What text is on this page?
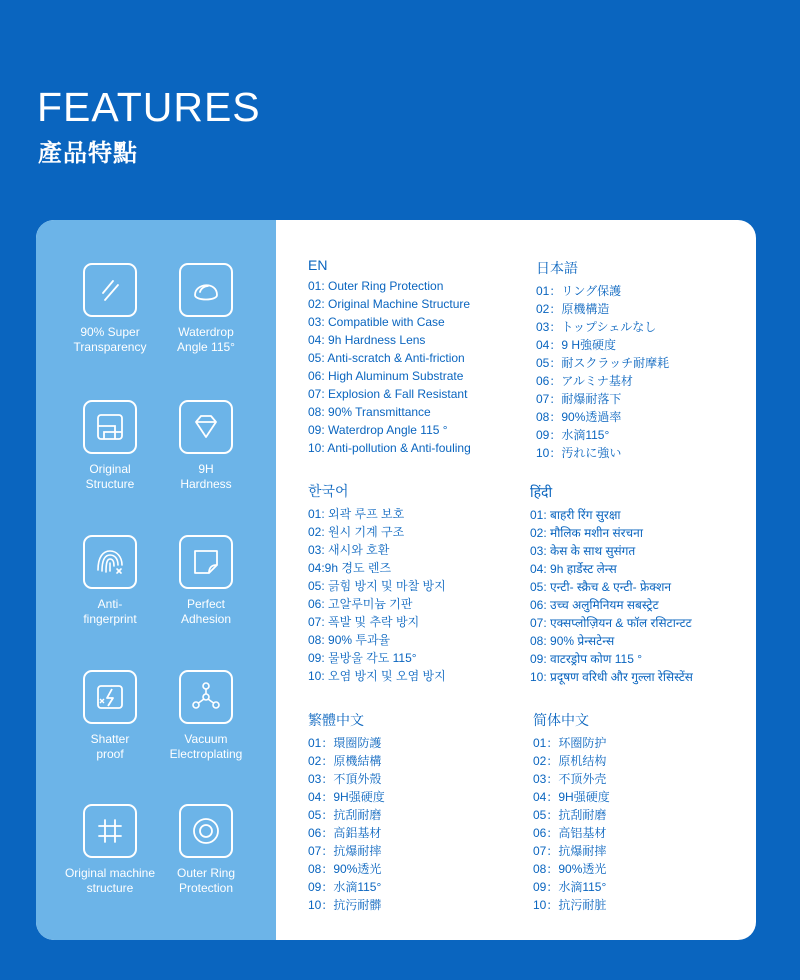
FEATURES
產品特點
90% Super
Transparency
Waterdrop
Angle 115°
Original
Structure
9H
Hardness
Anti-
fingerprint
Perfect
Adhesion
Shatter
proof
Vacuum
Electroplating
Original machine
structure
Outer Ring
Protection
EN
01: Outer Ring Protection
02: Original Machine Structure
03: Compatible with Case
04: 9h Hardness Lens
05: Anti-scratch & Anti-friction
06: High Aluminum Substrate
07: Explosion & Fall Resistant
08: 90% Transmittance
09: Waterdrop Angle 115 °
10: Anti-pollution & Anti-fouling
日本語
01：リング保護
02：原機構造
03：トップシェルなし
04：9 H強硬度
05：耐スクラッチ耐摩耗
06：アルミナ基材
07：耐爆耐落下
08：90%透過率
09：水滴115°
10：汚れに強い
한국어
01: 외곽 루프 보호
02: 원시 기계 구조
03: 새시와 호환
04:9h 경도 렌즈
05: 긁힘 방지 및 마찰 방지
06: 고알루미늄 기판
07: 폭발 및 추락 방지
08: 90% 투과율
09: 물방울 각도 115°
10: 오염 방지 및 오염 방지
हिंदी
01: बाहरी रिंग सुरक्षा
02: मौलिक मशीन संरचना
03: केस के साथ सुसंगत
04: 9h हार्डेस्ट लेन्स
05: एन्टी- स्क्रैच & एन्टी- फ्रेक्शन
06: उच्च अलुमिनियम सबस्ट्रेट
07: एक्सप्लोज़ियन & फॉल रसिटान्टट
08: 90% प्रेन्सटेन्स
09: वाटरड्रोप कोण 115 °
10: प्रदूषण वरिधी और गुल्ला रेसिस्टेंस
繁體中文
01：環圈防護
02：原機結構
03：不頂外殼
04：9H强硬度
05：抗刮耐磨
06：高鋁基材
07：抗爆耐摔
08：90%透光
09：水滴115°
10：抗污耐髒
简体中文
01：环圈防护
02：原机结构
03：不顶外壳
04：9H强硬度
05：抗刮耐磨
06：高铝基材
07：抗爆耐摔
08：90%透光
09：水滴115°
10：抗污耐脏
